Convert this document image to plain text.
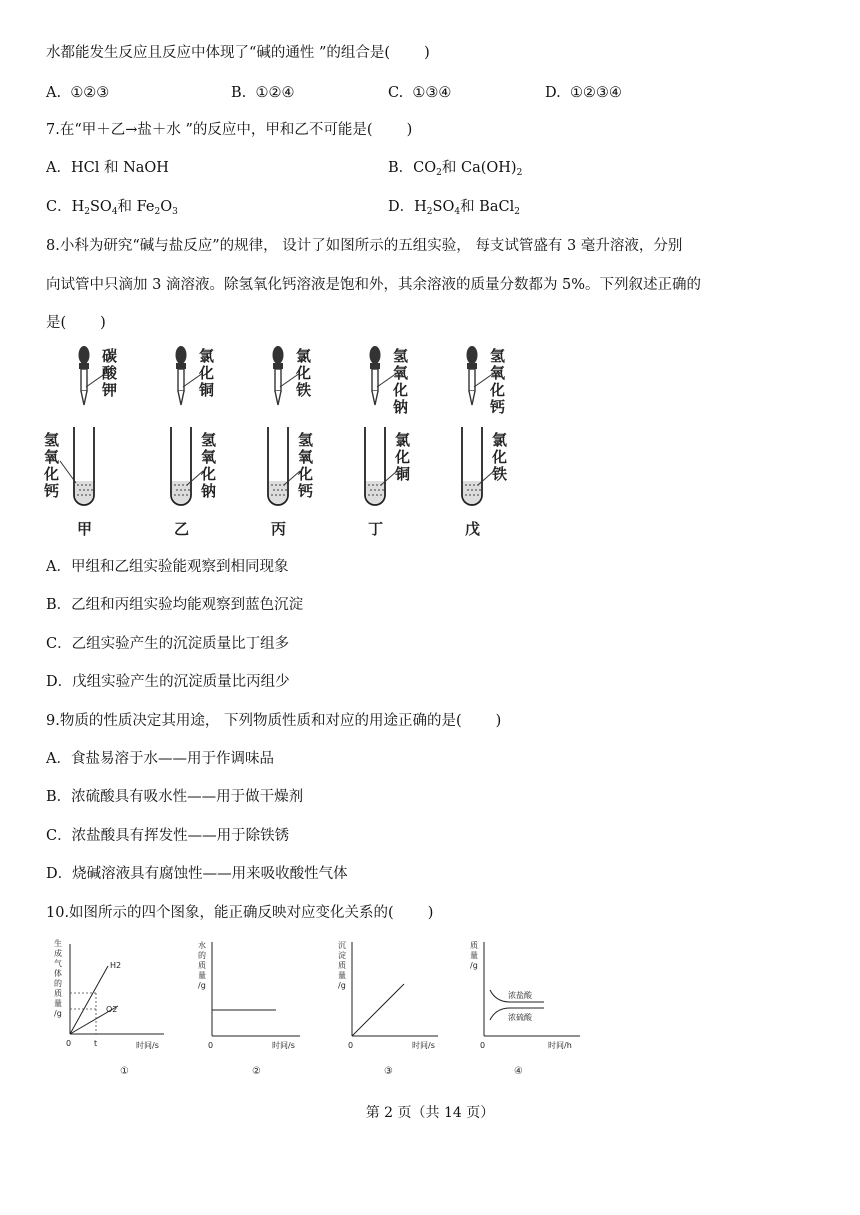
水都能发生反应且反应中体现了“碱的通性 ”的组合是( )
A. ①②③	B. ①②④	C. ①③④	D. ①②③④
7.在“甲＋乙→盐＋水 ”的反应中，甲和乙不可能是( )
A．HCl 和 NaOH	B．$CO_2$和 $Ca(OH)_2$
C．$H_2SO_4$和 $Fe_2O_3$	D．$H_2SO_4$和 BaCl$_2$
8.小科为研究“碱与盐反应”的规律， 设计了如图所示的五组实验， 每支试管盛有 3 毫升溶液，分别
向试管中只滴加 3 滴溶液。除氢氧化钙溶液是饱和外，其余溶液的质量分数都为 5%。下列叙述正确的
是( )
碳
酸
钾
氢
氧
化
钙
甲
氯
化
铜
氢
氧
化
钠
乙
氯
化
铁
氢
氧
化
钙
丙
氢
氧
化
钠
氯
化
铜
丁
氢
氧
化
钙
氯
化
铁
戊
A．甲组和乙组实验能观察到相同现象
B．乙组和丙组实验均能观察到蓝色沉淀
C．乙组实验产生的沉淀质量比丁组多
D．戊组实验产生的沉淀质量比丙组少
9.物质的性质决定其用途， 下列物质性质和对应的用途正确的是( )
A．食盐易溶于水——用于作调味品
B．浓硫酸具有吸水性——用于做干燥剂
C．浓盐酸具有挥发性——用于除铁锈
D．烧碱溶液具有腐蚀性——用来吸收酸性气体
10.如图所示的四个图象，能正确反映对应变化关系的( )
生
成
气
体
的
质
量
/g
H2
O2
0	t	时间/s
①
水
的
质
量
/g
0	时间/s
②
沉
淀
质
量
/g
0	时间/s
③
质
量
/g
浓盐酸
浓硫酸
0	时间/h
④
第 2 页（共 14 页）
